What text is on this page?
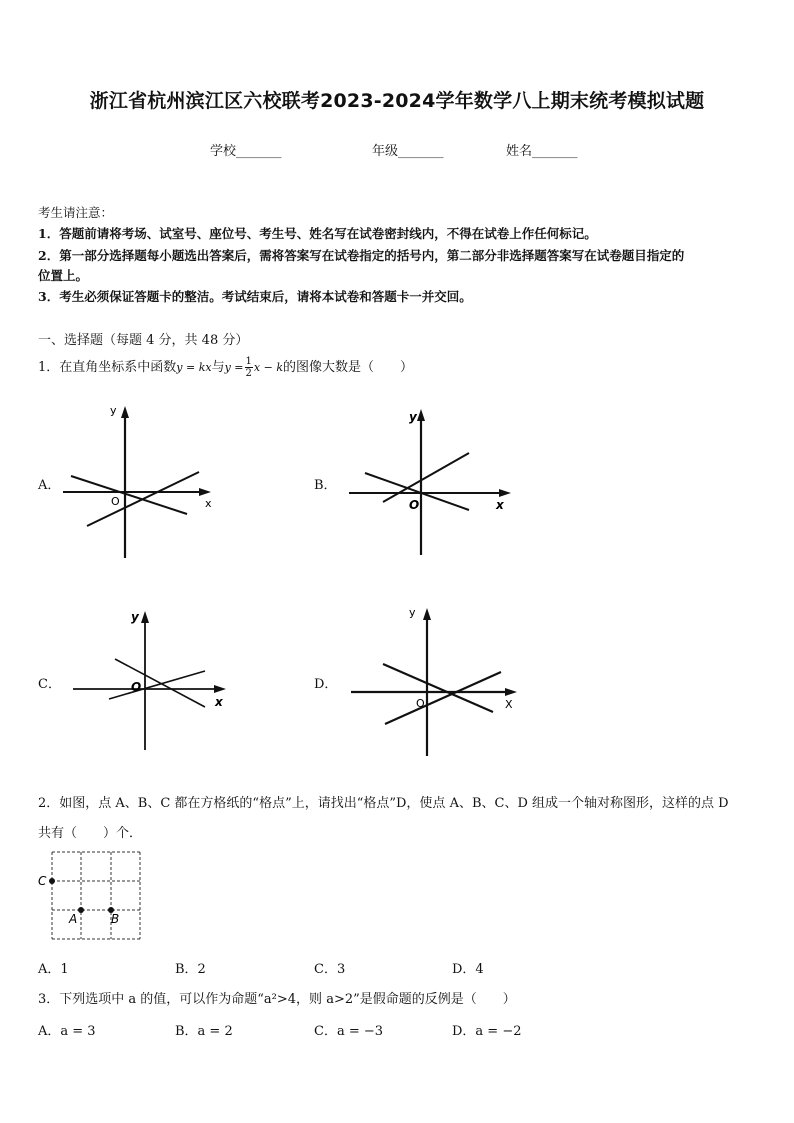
浙江省杭州滨江区六校联考2023-2024学年数学八上期末统考模拟试题
学校_______	年级_______	姓名_______
考生请注意：
1．答题前请将考场、试室号、座位号、考生号、姓名写在试卷密封线内，不得在试卷上作任何标记。
2．第一部分选择题每小题选出答案后，需将答案写在试卷指定的括号内，第二部分非选择题答案写在试卷题目指定的
位置上。
3．考生必须保证答题卡的整洁。考试结束后，请将本试卷和答题卡一并交回。
一、选择题（每题 4 分，共 48 分）
1．在直角坐标系中函数y = kx与$y = \frac{1}{2}$ x − k的图像大数是（　　）
A．	B．
C．	D．
y
O	x
y
O	x
y
O
x
y
O	X
2．如图，点 A、B、C 都在方格纸的“格点”上，请找出“格点”D，使点 A、B、C、D 组成一个轴对称图形，这样的点 D
共有（　　）个．
C
A	B
A．1	B．2	C．3	D．4
3．下列选项中 a 的值，可以作为命题“a²>4，则 a>2”是假命题的反例是（　　）
A．a = 3	B．a = 2	C．a = −3	D．a = −2
